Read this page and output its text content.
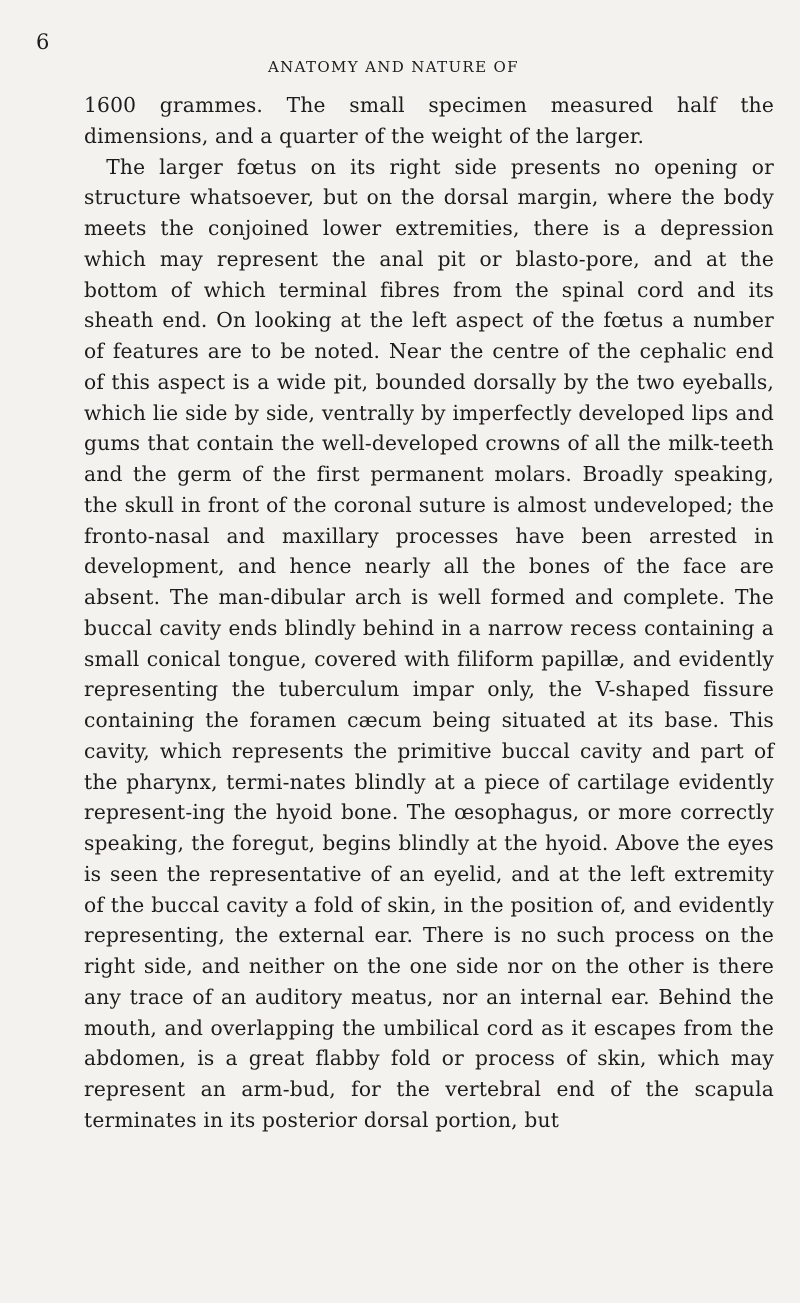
6
ANATOMY AND NATURE OF

1600 grammes. The small specimen measured half the dimensions, and a quarter of the weight of the larger.

The larger fœtus on its right side presents no opening or structure whatsoever, but on the dorsal margin, where the body meets the conjoined lower extremities, there is a depression which may represent the anal pit or blasto-pore, and at the bottom of which terminal fibres from the spinal cord and its sheath end. On looking at the left aspect of the fœtus a number of features are to be noted. Near the centre of the cephalic end of this aspect is a wide pit, bounded dorsally by the two eyeballs, which lie side by side, ventrally by imperfectly developed lips and gums that contain the well-developed crowns of all the milk-teeth and the germ of the first permanent molars. Broadly speaking, the skull in front of the coronal suture is almost undeveloped; the fronto-nasal and maxillary processes have been arrested in development, and hence nearly all the bones of the face are absent. The man-dibular arch is well formed and complete. The buccal cavity ends blindly behind in a narrow recess containing a small conical tongue, covered with filiform papillæ, and evidently representing the tuberculum impar only, the V-shaped fissure containing the foramen cæcum being situated at its base. This cavity, which represents the primitive buccal cavity and part of the pharynx, termi-nates blindly at a piece of cartilage evidently represent-ing the hyoid bone. The œsophagus, or more correctly speaking, the foregut, begins blindly at the hyoid. Above the eyes is seen the representative of an eyelid, and at the left extremity of the buccal cavity a fold of skin, in the position of, and evidently representing, the external ear. There is no such process on the right side, and neither on the one side nor on the other is there any trace of an auditory meatus, nor an internal ear. Behind the mouth, and overlapping the umbilical cord as it escapes from the abdomen, is a great flabby fold or process of skin, which may represent an arm-bud, for the vertebral end of the scapula terminates in its posterior dorsal portion, but
